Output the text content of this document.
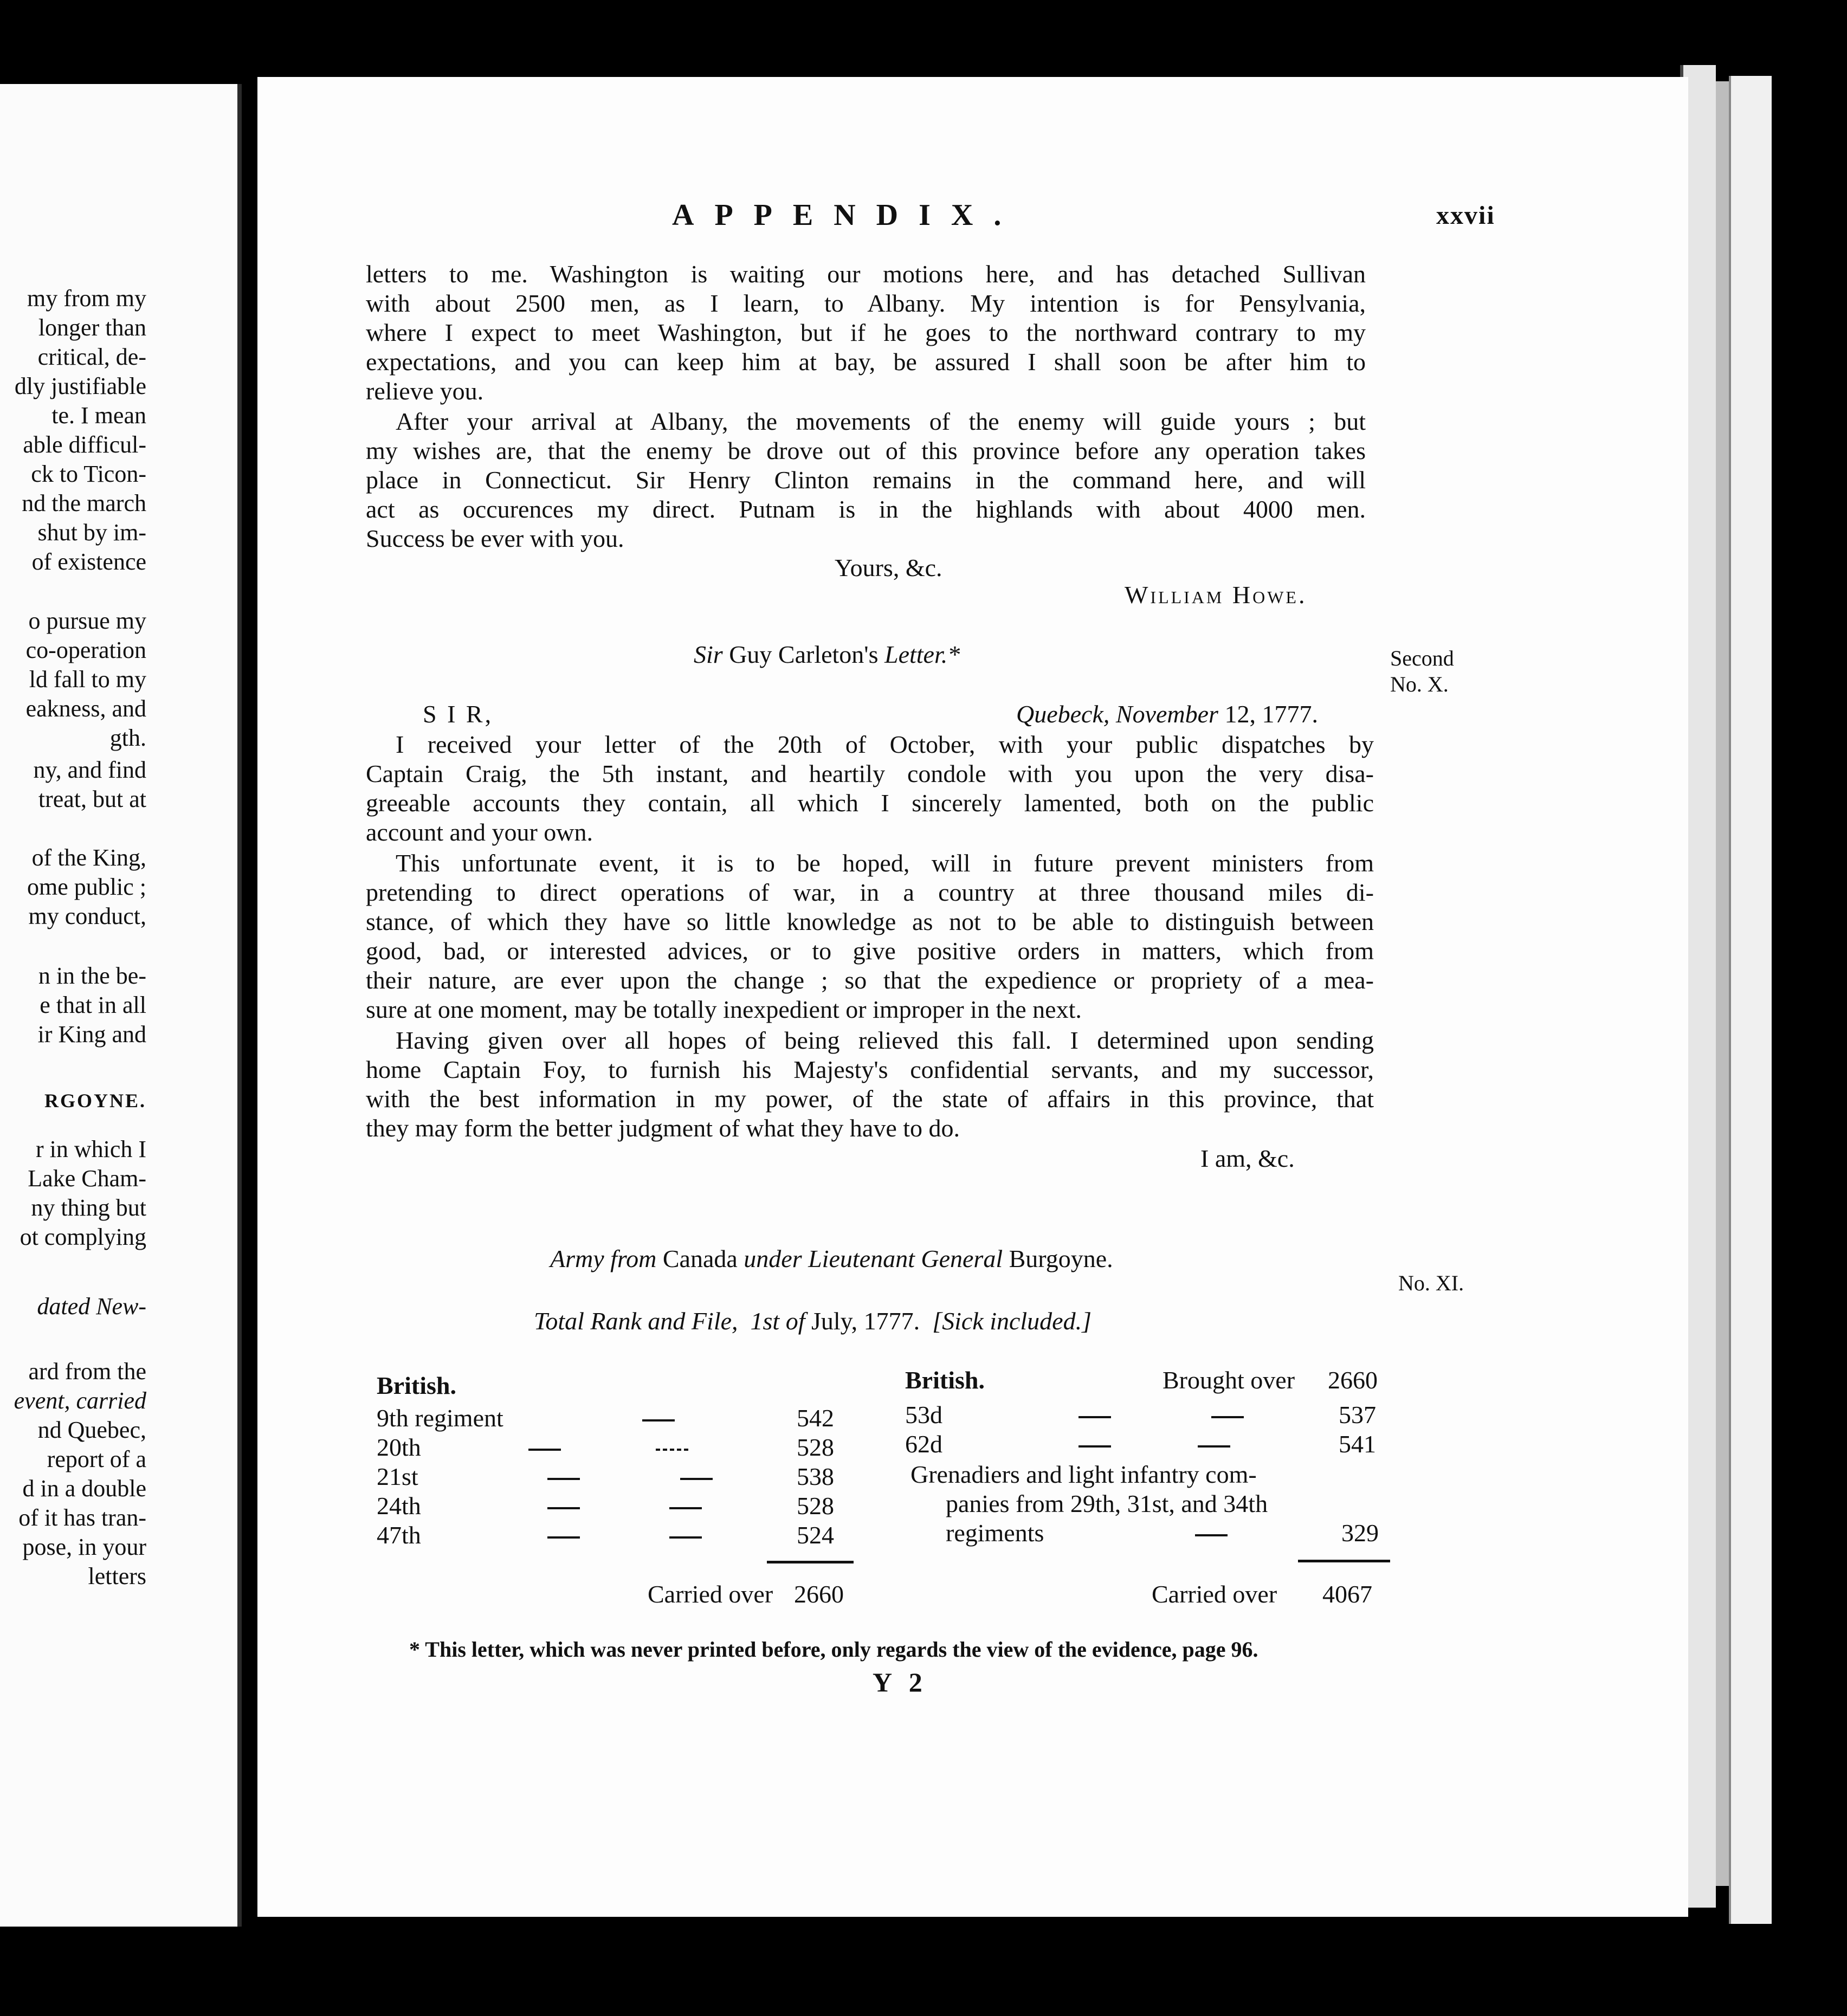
my from my
longer than
critical, de-
dly justifiable
te. I mean
able difficul-
ck to Ticon-
nd the march
shut by im-
of existence
o pursue my
co-operation
ld fall to my
eakness, and
gth.
ny, and find
treat, but at
of the King,
ome public ;
my conduct,
n in the be-
e that in all
ir King and
RGOYNE.
r in which I
Lake Cham-
ny thing but
ot complying
dated New-
ard from the
event, carried
nd Quebec,
report of a
d in a double
of it has tran-
pose, in your
letters
APPENDIX.	xxvii
letters to me. Washington is waiting our motions here, and has detached Sullivan
with about 2500 men, as I learn, to Albany. My intention is for Pensylvania,
where I expect to meet Washington, but if he goes to the northward contrary to my
expectations, and you can keep him at bay, be assured I shall soon be after him to
relieve you.
After your arrival at Albany, the movements of the enemy will guide yours ; but
my wishes are, that the enemy be drove out of this province before any operation takes
place in Connecticut. Sir Henry Clinton remains in the command here, and will
act as occurences my direct. Putnam is in the highlands with about 4000 men.
Success be ever with you.
Yours, &c.
William Howe.
Sir Guy Carleton's Letter.*	Second
No. X.
S I R,	Quebeck, November 12, 1777.
I received your letter of the 20th of October, with your public dispatches by
Captain Craig, the 5th instant, and heartily condole with you upon the very disa-
greeable accounts they contain, all which I sincerely lamented, both on the public
account and your own.
This unfortunate event, it is to be hoped, will in future prevent ministers from
pretending to direct operations of war, in a country at three thousand miles di-
stance, of which they have so little knowledge as not to be able to distinguish between
good, bad, or interested advices, or to give positive orders in matters, which from
their nature, are ever upon the change ; so that the expedience or propriety of a mea-
sure at one moment, may be totally inexpedient or improper in the next.
Having given over all hopes of being relieved this fall. I determined upon sending
home Captain Foy, to furnish his Majesty's confidential servants, and my successor,
with the best information in my power, of the state of affairs in this province, that
they may form the better judgment of what they have to do.
I am, &c.
Army from Canada under Lieutenant General Burgoyne.
No. XI.
Total Rank and File, 1st of July, 1777. [Sick included.]
British.
9th regiment	542
20th	528
21st	538
24th	528
47th	524
Carried over 2660
British.	Brought over 2660
53d	537
62d	541
Grenadiers and light infantry com-
panies from 29th, 31st, and 34th
regiments	329
Carried over 4067
* This letter, which was never printed before, only regards the view of the evidence, page 96.
Y 2
